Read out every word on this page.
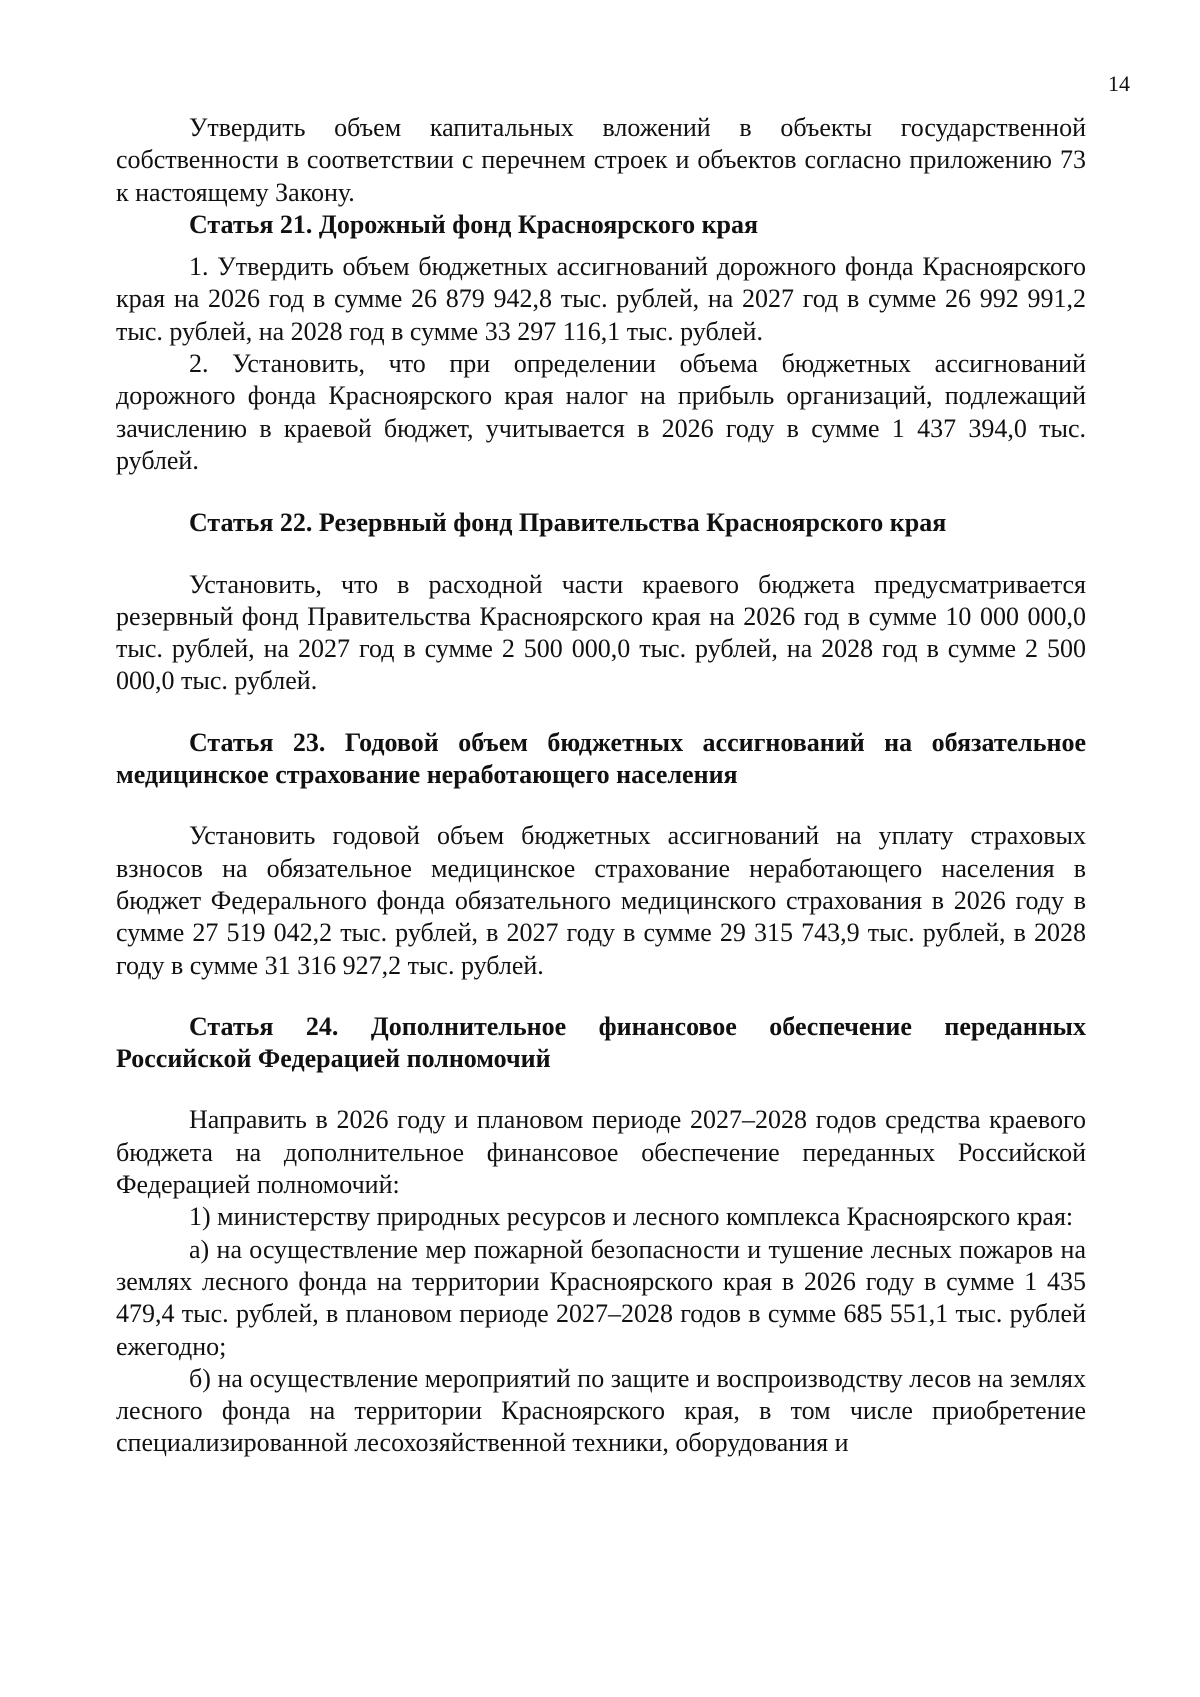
14

Утвердить объем капитальных вложений в объекты государственной собственности в соответствии с перечнем строек и объектов согласно приложению 73 к настоящему Закону.

Статья 21. Дорожный фонд Красноярского края

1. Утвердить объем бюджетных ассигнований дорожного фонда Красноярского края на 2026 год в сумме 26 879 942,8 тыс. рублей, на 2027 год в сумме 26 992 991,2 тыс. рублей, на 2028 год в сумме 33 297 116,1 тыс. рублей.

2. Установить, что при определении объема бюджетных ассигнований дорожного фонда Красноярского края налог на прибыль организаций, подлежащий зачислению в краевой бюджет, учитывается в 2026 году в сумме 1 437 394,0 тыс. рублей.

Статья 22. Резервный фонд Правительства Красноярского края

Установить, что в расходной части краевого бюджета предусматривается резервный фонд Правительства Красноярского края на 2026 год в сумме 10 000 000,0 тыс. рублей, на 2027 год в сумме 2 500 000,0 тыс. рублей, на 2028 год в сумме 2 500 000,0 тыс. рублей.

Статья 23. Годовой объем бюджетных ассигнований на обязательное медицинское страхование неработающего населения

Установить годовой объем бюджетных ассигнований на уплату страховых взносов на обязательное медицинское страхование неработающего населения в бюджет Федерального фонда обязательного медицинского страхования в 2026 году в сумме 27 519 042,2 тыс. рублей, в 2027 году в сумме 29 315 743,9 тыс. рублей, в 2028 году в сумме 31 316 927,2 тыс. рублей.

Статья 24. Дополнительное финансовое обеспечение переданных Российской Федерацией полномочий

Направить в 2026 году и плановом периоде 2027–2028 годов средства краевого бюджета на дополнительное финансовое обеспечение переданных Российской Федерацией полномочий:

1) министерству природных ресурсов и лесного комплекса Красноярского края:

а) на осуществление мер пожарной безопасности и тушение лесных пожаров на землях лесного фонда на территории Красноярского края в 2026 году в сумме 1 435 479,4 тыс. рублей, в плановом периоде 2027–2028 годов в сумме 685 551,1 тыс. рублей ежегодно;

б) на осуществление мероприятий по защите и воспроизводству лесов на землях лесного фонда на территории Красноярского края, в том числе приобретение специализированной лесохозяйственной техники, оборудования и
